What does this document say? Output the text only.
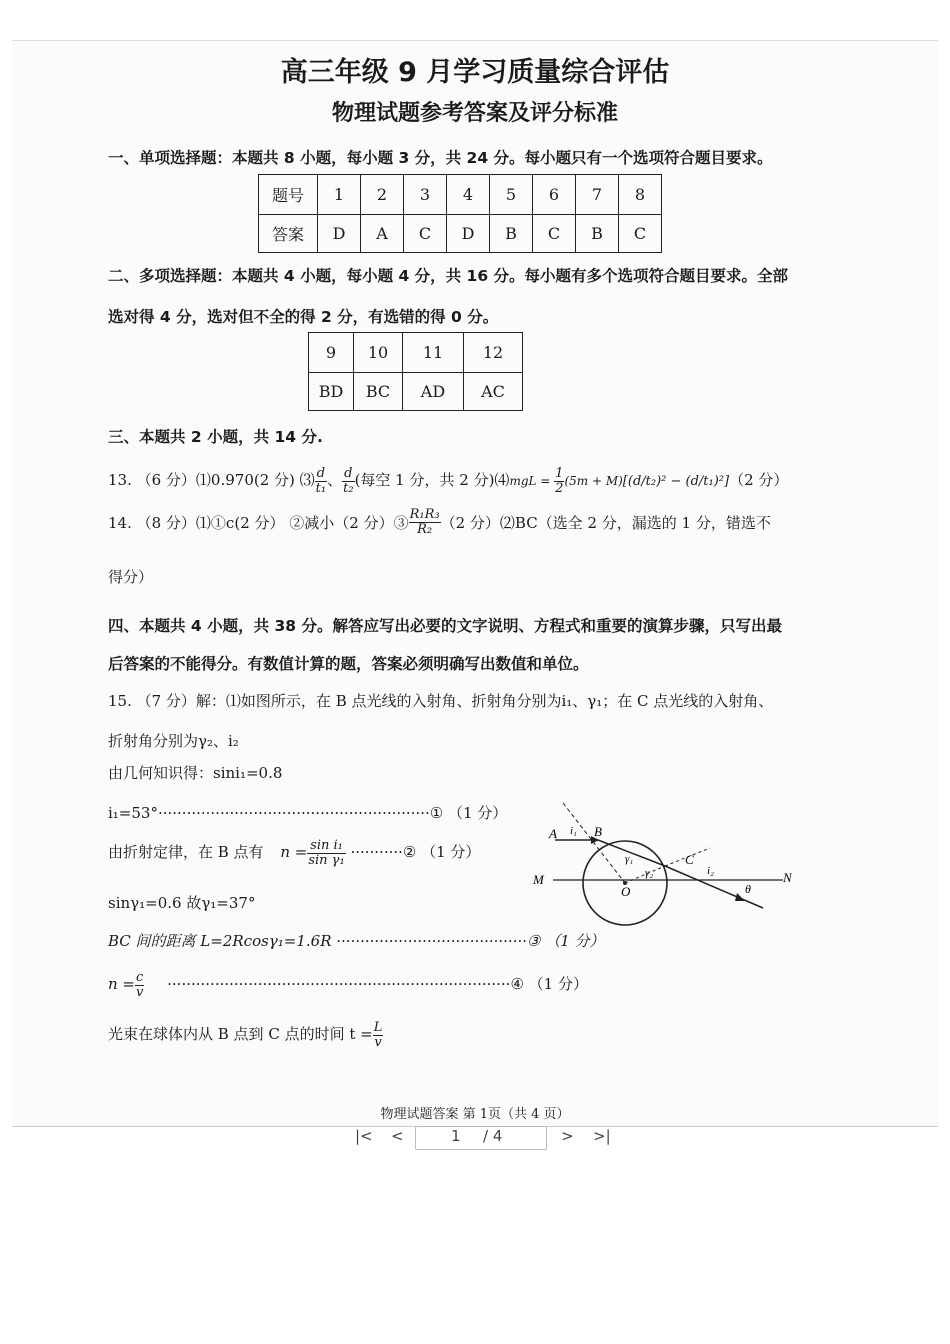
高三年级 9 月学习质量综合评估
物理试题参考答案及评分标准
一、单项选择题：本题共 8 小题，每小题 3 分，共 24 分。每小题只有一个选项符合题目要求。
题号	1	2	3	4	5	6	7	8
答案	D	A	C	D	B	C	B	C
二、多项选择题：本题共 4 小题，每小题 4 分，共 16 分。每小题有多个选项符合题目要求。全部
选对得 4 分，选对但不全的得 2 分，有选错的得 0 分。
9	10	11	12
BD	BC	AD	AC
三、本题共 2 小题，共 14 分.
13. （6 分）⑴0.970(2 分) ⑶ $\frac{d}{\text{t₁}}$ 、 $\frac{d}{\text{t₂}}$ (每空 1 分，共 2 分)⑷mgL = $\frac{1}{2} (5m + M)[(d/t_2)^2 - (d/t_1)^2](2$ 分）
14. （8 分）⑴①c(2 分） ②减小（2 分）③ $\frac{\text{R₁R₃}}{\text{R₂}} (2$ 分）⑵BC（选全 2 分，漏选的 1 分，错选不
得分）
四、本题共 4 小题，共 38 分。解答应写出必要的文字说明、方程式和重要的演算步骤，只写出最
后答案的不能得分。有数值计算的题，答案必须明确写出数值和单位。
15. （7 分）解：⑴如图所示，在 B 点光线的入射角、折射角分别为i₁、γ₁；在 C 点光线的入射角、
折射角分别为γ₂、i₂
由几何知识得：sini₁=0.8
i₁=53°·························································① （1 分）
由折射定律，在 B 点有 $n = \frac{\text{sin i₁}}{\text{sin γ₁}}$ ···········② （1 分）
sinγ₁=0.6 故γ₁=37°
BC 间的距离 L=2Rcosγ₁=1.6R ········································③ （1 分）
$n = \frac{c}{v}$ ········································································④ （1 分）
光束在球体内从 B 点到 C 点的时间 $t = \frac{L}{v}$
A	B
C
M	N
O
i₁
γ₁
γ₂	i₂
θ
物理试题答案 第 1页（共 4 页）
|< <	1 / 4	> >|
